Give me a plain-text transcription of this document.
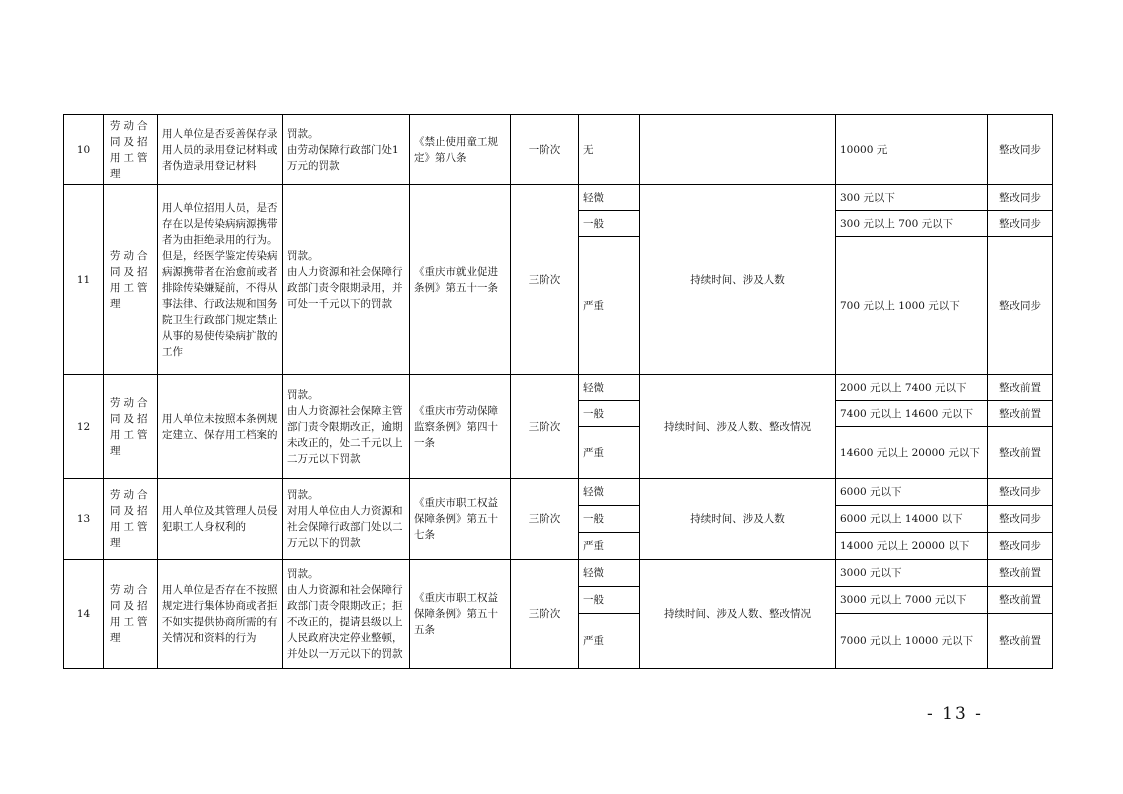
10	劳动合同及招用工管理	用人单位是否妥善保存录用人员的录用登记材料或者伪造录用登记材料	罚款。
由劳动保障行政部门处1万元的罚款	《禁止使用童工规定》第八条	一阶次	无		10000 元	整改同步
11	劳动合同及招用工管理	用人单位招用人员，是否存在以是传染病病源携带者为由拒绝录用的行为。但是，经医学鉴定传染病病源携带者在治愈前或者排除传染嫌疑前，不得从事法律、行政法规和国务院卫生行政部门规定禁止从事的易使传染病扩散的工作	罚款。
由人力资源和社会保障行政部门责令限期录用，并可处一千元以下的罚款	《重庆市就业促进条例》第五十一条	三阶次	轻微	持续时间、涉及人数	300 元以下	整改同步
						一般		300 元以上 700 元以下	整改同步
						严重		700 元以上 1000 元以下	整改同步
12	劳动合同及招用工管理	用人单位未按照本条例规定建立、保存用工档案的	罚款。
由人力资源社会保障主管部门责令限期改正，逾期未改正的，处二千元以上二万元以下罚款	《重庆市劳动保障监察条例》第四十一条	三阶次	轻微	持续时间、涉及人数、整改情况	2000 元以上 7400 元以下	整改前置
						一般		7400 元以上 14600 元以下	整改前置
						严重		14600 元以上 20000 元以下	整改前置
13	劳动合同及招用工管理	用人单位及其管理人员侵犯职工人身权利的	罚款。
对用人单位由人力资源和社会保障行政部门处以二万元以下的罚款	《重庆市职工权益保障条例》第五十七条	三阶次	轻微	持续时间、涉及人数	6000 元以下	整改同步
						一般		6000 元以上 14000 以下	整改同步
						严重		14000 元以上 20000 以下	整改同步
14	劳动合同及招用工管理	用人单位是否存在不按照规定进行集体协商或者拒不如实提供协商所需的有关情况和资料的行为	罚款。
由人力资源和社会保障行政部门责令限期改正；拒不改正的，提请县级以上人民政府决定停业整顿，并处以一万元以下的罚款	《重庆市职工权益保障条例》第五十五条	三阶次	轻微	持续时间、涉及人数、整改情况	3000 元以下	整改前置
						一般		3000 元以上 7000 元以下	整改前置
						严重		7000 元以上 10000 元以下	整改前置
- 13 -
